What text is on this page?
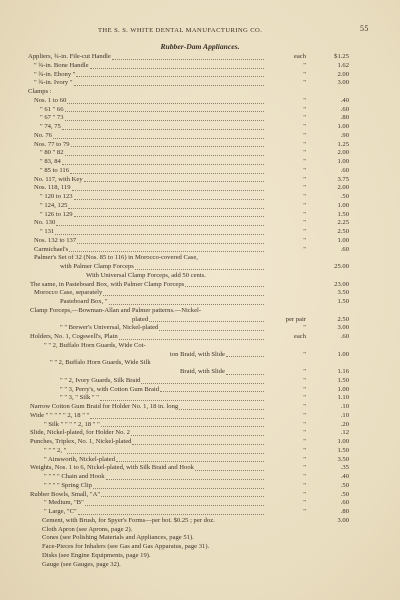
THE S. S. WHITE DENTAL MANUFACTURING CO.	55
Rubber-Dam Appliances.
Appliers, ¾-in. File-cut Handle	each	$1.25
" ¾-in. Bone Handle	"	1.62
" ¾-in. Ebony "	"	2.00
" ¾-in. Ivory "	"	3.00
Clamps :
Nos. 1 to 60	"	.40
" 61 " 66	"	.60
" 67 " 73	"	.80
" 74, 75	"	1.00
No. 76	"	.90
Nos. 77 to 79	"	1.25
" 80 " 82	"	2.00
" 83, 84	"	1.00
" 85 to 116	"	.60
No. 117, with Key	"	3.75
Nos. 118, 119	"	2.00
" 120 to 123	"	.50
" 124, 125	"	1.00
" 126 to 129	"	1.50
No. 130	"	2.25
" 131	"	2.50
Nos. 132 to 137	"	1.00
Carmichael's	"	.60
Palmer's Set of 32 (Nos. 85 to 116) in Morocco-covered Case,
with Palmer Clamp Forceps	25.00
With Universal Clamp Forceps, add 50 cents.
The same, in Pasteboard Box, with Palmer Clamp Forceps	23.00
Morocco Case, separately	3.50
Pasteboard Box, "	1.50
Clamp Forceps,—Bowman-Allan and Palmer patterns.—Nickel-
plated	per pair	2.50
" " Brewer's Universal, Nickel-plated	"	3.00
Holders, No. 1, Cogswell's, Plain	each	.60
" " 2, Buffalo Horn Guards, Wide Cot-
ton Braid, with Slide	"	1.00
" " 2, Buffalo Horn Guards, Wide Silk
Braid, with Slide	"	1.16
" " 2, Ivory Guards, Silk Braid	"	1.50
" " 3, Perry's, with Cotton Gum Braid	"	1.00
" " 3, " Silk " "	"	1.10
Narrow Cotton Gum Braid for Holder No. 1, 18 in. long	"	.10
Wide " " " " " 2, 18 " "	"	.10
" Silk " " " " 2, 18 " "	"	.20
Slide, Nickel-plated, for Holder No. 2	"	.12
Punches, Triplex, No. 1, Nickel-plated	"	1.00
" " " 2, "	"	1.50
" Ainsworth, Nickel-plated	"	3.50
Weights, Nos. 1 to 6, Nickel-plated, with Silk Braid and Hook	"	.35
" " " " Chain and Hook	"	.40
" " " " Spring Clip	"	.50
Rubber Bowls, Small, "A"	"	.50
" Medium, "B"	"	.60
" Large, "C"	"	.80
Cement, with Brush, for Spyer's Forms—per bot. $0.25 ; per doz.	3.00
Cloth Apron (see Aprons, page 2).
Cones (see Polishing Materials and Appliances, page 51).
Face-Pieces for Inhalers (see Gas and Gas Apparatus, page 31).
Disks (see Engine Equipments, page 19).
Gauge (see Gauges, page 32).
